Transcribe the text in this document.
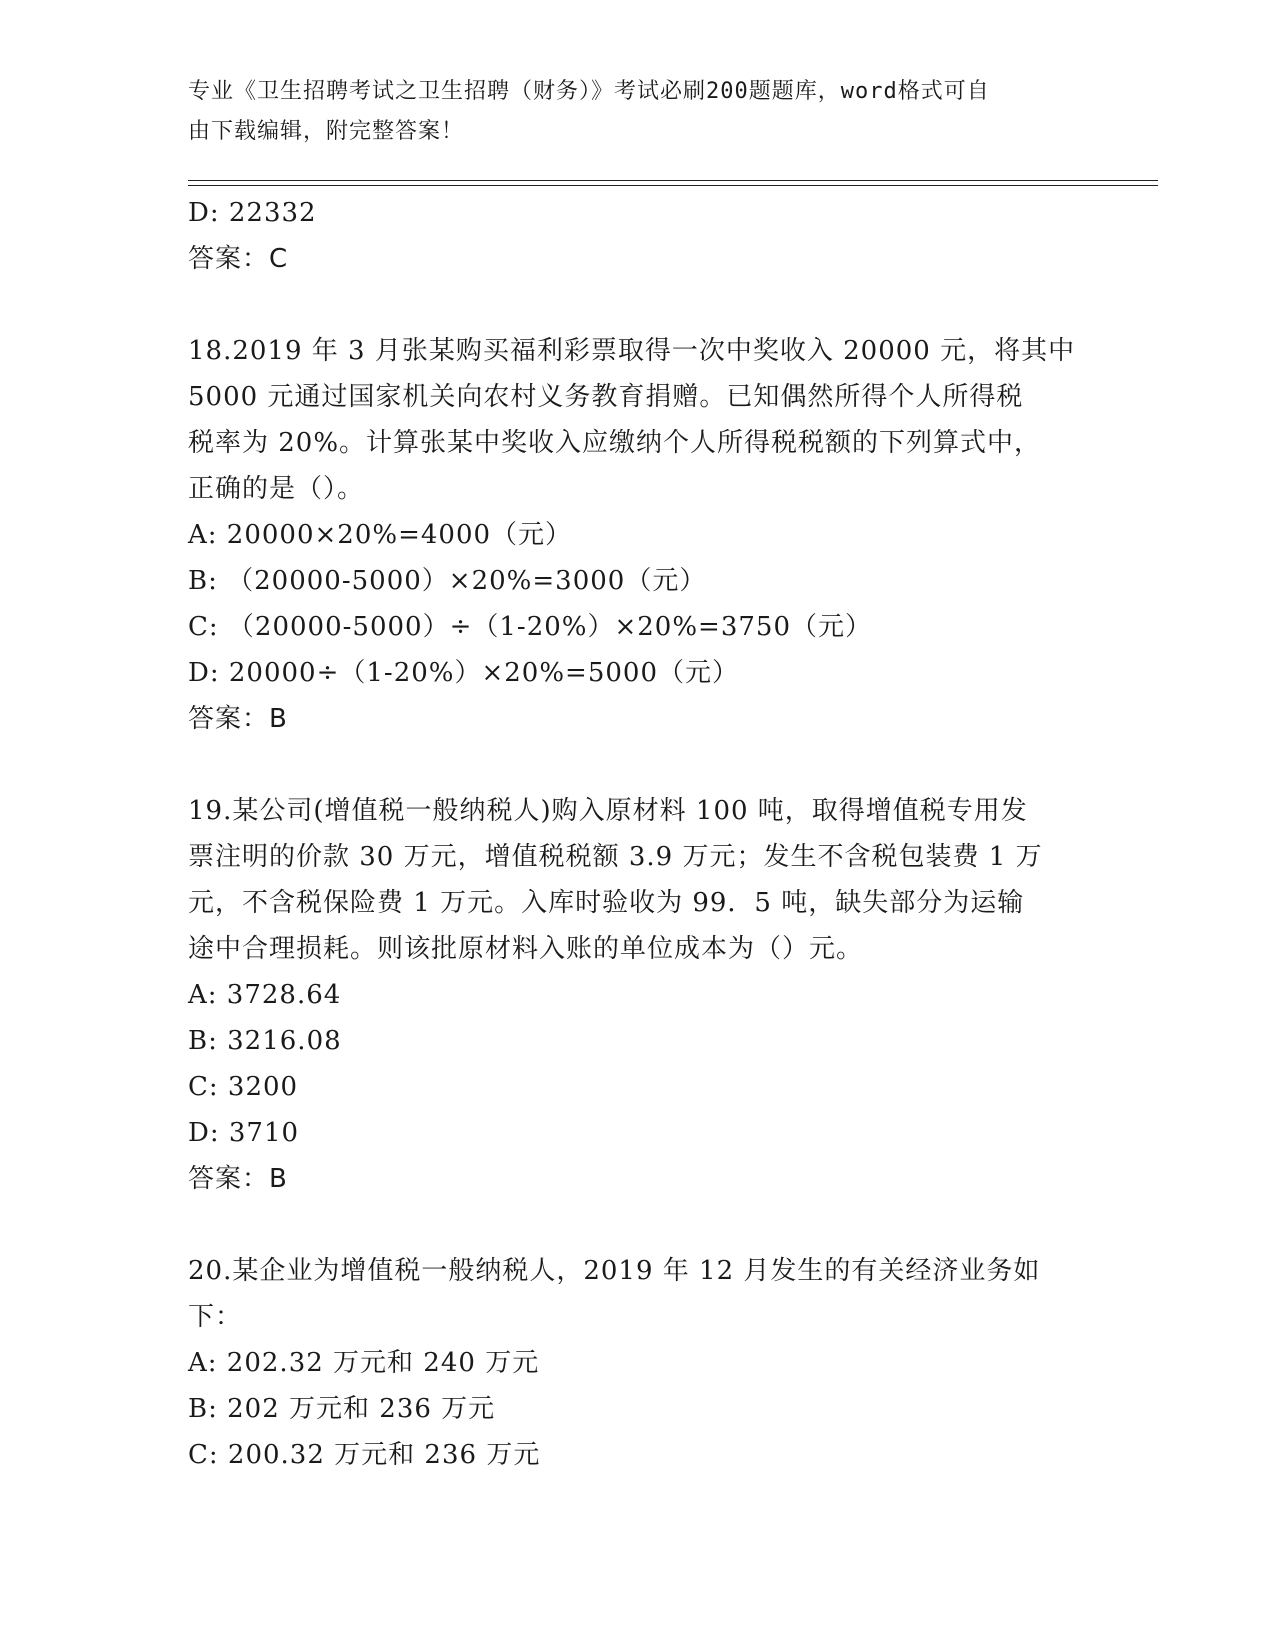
专业《卫生招聘考试之卫生招聘（财务）》考试必刷200题题库，word格式可自
由下载编辑，附完整答案！
D: 22332
答案：C
18.2019 年 3 月张某购买福利彩票取得一次中奖收入 20000 元，将其中
5000 元通过国家机关向农村义务教育捐赠。已知偶然所得个人所得税
税率为 20%。计算张某中奖收入应缴纳个人所得税税额的下列算式中，
正确的是（）。
A: 20000×20%=4000（元）
B: （20000-5000）×20%=3000（元）
C: （20000-5000）÷（1-20%）×20%=3750（元）
D: 20000÷（1-20%）×20%=5000（元）
答案：B
19.某公司(增值税一般纳税人)购入原材料 100 吨，取得增值税专用发
票注明的价款 30 万元，增值税税额 3.9 万元；发生不含税包装费 1 万
元，不含税保险费 1 万元。入库时验收为 99．5 吨，缺失部分为运输
途中合理损耗。则该批原材料入账的单位成本为（）元。
A: 3728.64
B: 3216.08
C: 3200
D: 3710
答案：B
20.某企业为增值税一般纳税人，2019 年 12 月发生的有关经济业务如
下：
A: 202.32 万元和 240 万元
B: 202 万元和 236 万元
C: 200.32 万元和 236 万元
